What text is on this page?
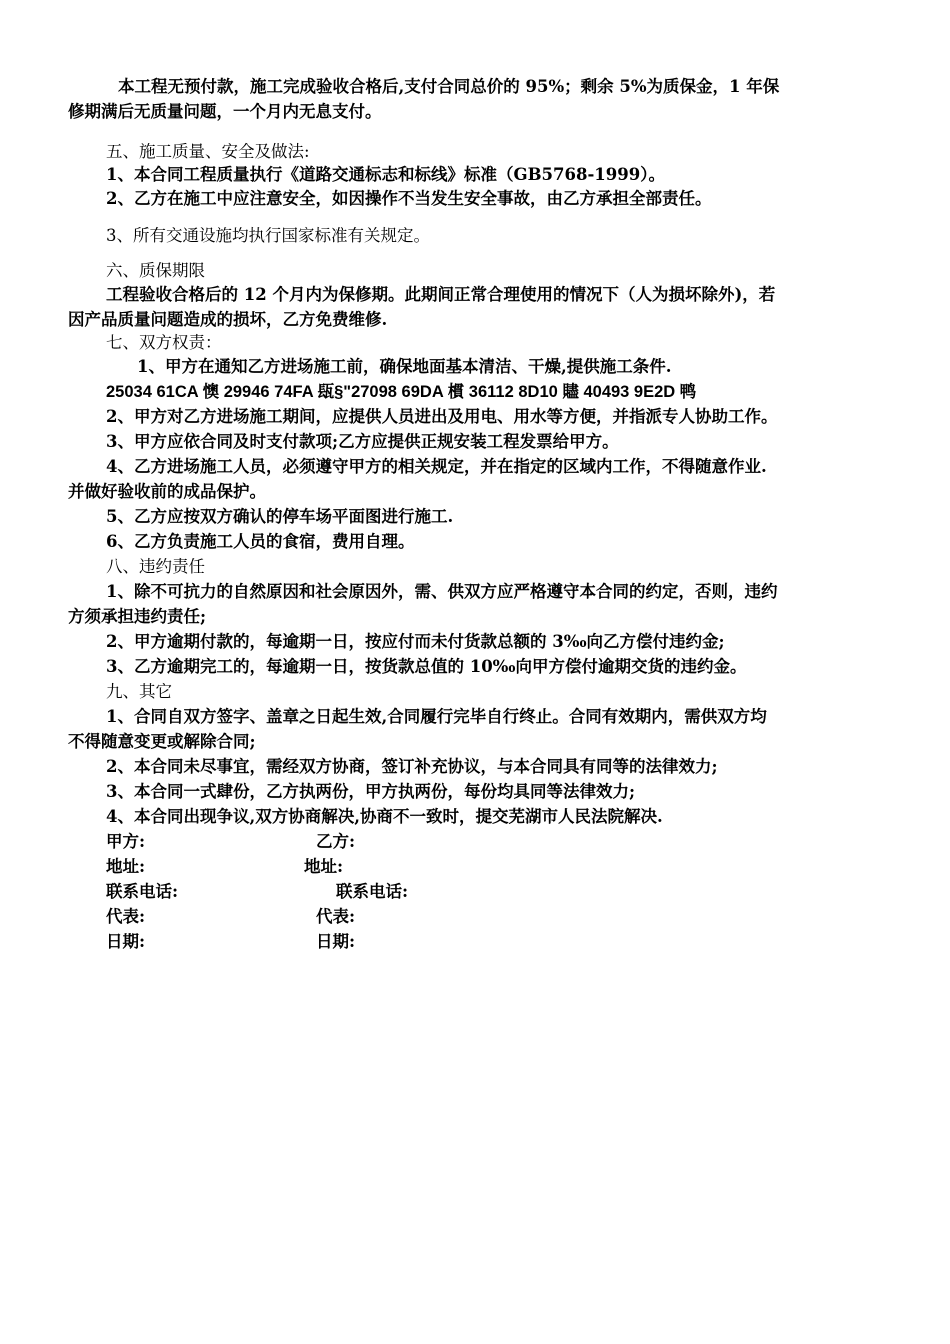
本工程无预付款，施工完成验收合格后,支付合同总价的 95%；剩余 5%为质保金，1 年保
修期满后无质量问题，一个月内无息支付。
五、施工质量、安全及做法:
1、本合同工程质量执行《道路交通标志和标线》标准（GB5768-1999）。
2、乙方在施工中应注意安全，如因操作不当发生安全事故，由乙方承担全部责任。
3、所有交通设施均执行国家标准有关规定。
六、质保期限
工程验收合格后的 12 个月内为保修期。此期间正常合理使用的情况下（人为损坏除外)，若
因产品质量问题造成的损坏，乙方免费维修.
七、双方权责：
1、甲方在通知乙方进场施工前，确保地面基本清洁、干燥,提供施工条件.
25034 61CA 懊 29946 74FA 瓺§"27098 69DA 樌 36112 8D10 贐 40493 9E2D 鸭
2、甲方对乙方进场施工期间，应提供人员进出及用电、用水等方便，并指派专人协助工作。
3、甲方应依合同及时支付款项;乙方应提供正规安装工程发票给甲方。
4、乙方进场施工人员，必须遵守甲方的相关规定，并在指定的区域内工作，不得随意作业.
并做好验收前的成品保护。
5、乙方应按双方确认的停车场平面图进行施工.
6、乙方负责施工人员的食宿，费用自理。
八、违约责任
1、除不可抗力的自然原因和社会原因外，需、供双方应严格遵守本合同的约定，否则，违约
方须承担违约责任;
2、甲方逾期付款的，每逾期一日，按应付而未付货款总额的 3‰向乙方偿付违约金;
3、乙方逾期完工的，每逾期一日，按货款总值的 10‰向甲方偿付逾期交货的违约金。
九、其它
1、合同自双方签字、盖章之日起生效,合同履行完毕自行终止。合同有效期内，需供双方均
不得随意变更或解除合同;
2、本合同未尽事宜，需经双方协商，签订补充协议，与本合同具有同等的法律效力;
3、本合同一式肆份，乙方执两份，甲方执两份，每份均具同等法律效力;
4、本合同出现争议,双方协商解决,协商不一致时，提交芜湖市人民法院解决.
甲方:	乙方:
地址:	地址:
联系电话:	联系电话:
代表:	代表:
日期:	日期:
